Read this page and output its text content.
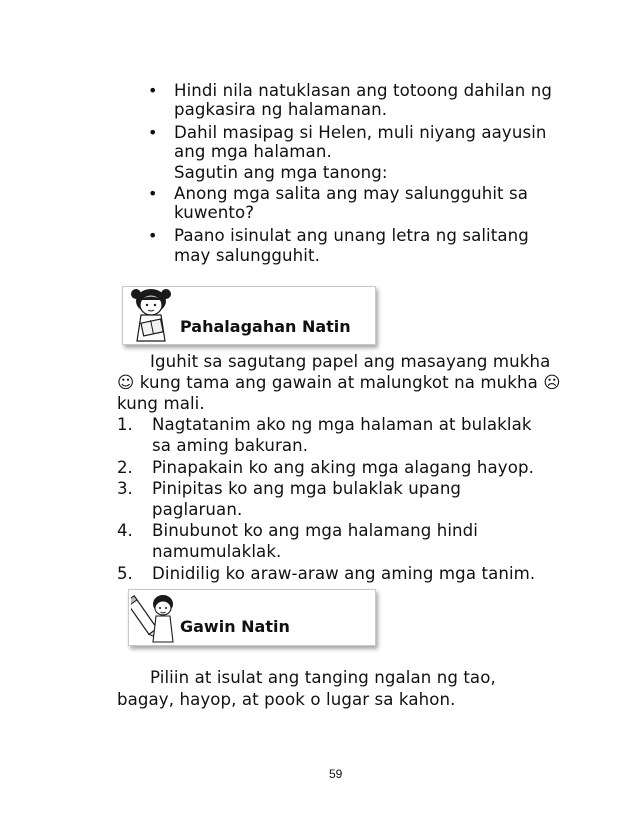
• Hindi nila natuklasan ang totoong dahilan ng
pagkasira ng halamanan.
• Dahil masipag si Helen, muli niyang aayusin
ang mga halaman.
Sagutin ang mga tanong:
• Anong mga salita ang may salungguhit sa
kuwento?
• Paano isinulat ang unang letra ng salitang
may salungguhit.
Pahalagahan Natin
Iguhit sa sagutang papel ang masayang mukha
☺ kung tama ang gawain at malungkot na mukha ☹
kung mali.
1. Nagtatanim ako ng mga halaman at bulaklak
sa aming bakuran.
2. Pinapakain ko ang aking mga alagang hayop.
3. Pinipitas ko ang mga bulaklak upang
paglaruan.
4. Binubunot ko ang mga halamang hindi
namumulaklak.
5. Dinidilig ko araw-araw ang aming mga tanim.
Gawin Natin
Piliin at isulat ang tanging ngalan ng tao,
bagay, hayop, at pook o lugar sa kahon.
59
